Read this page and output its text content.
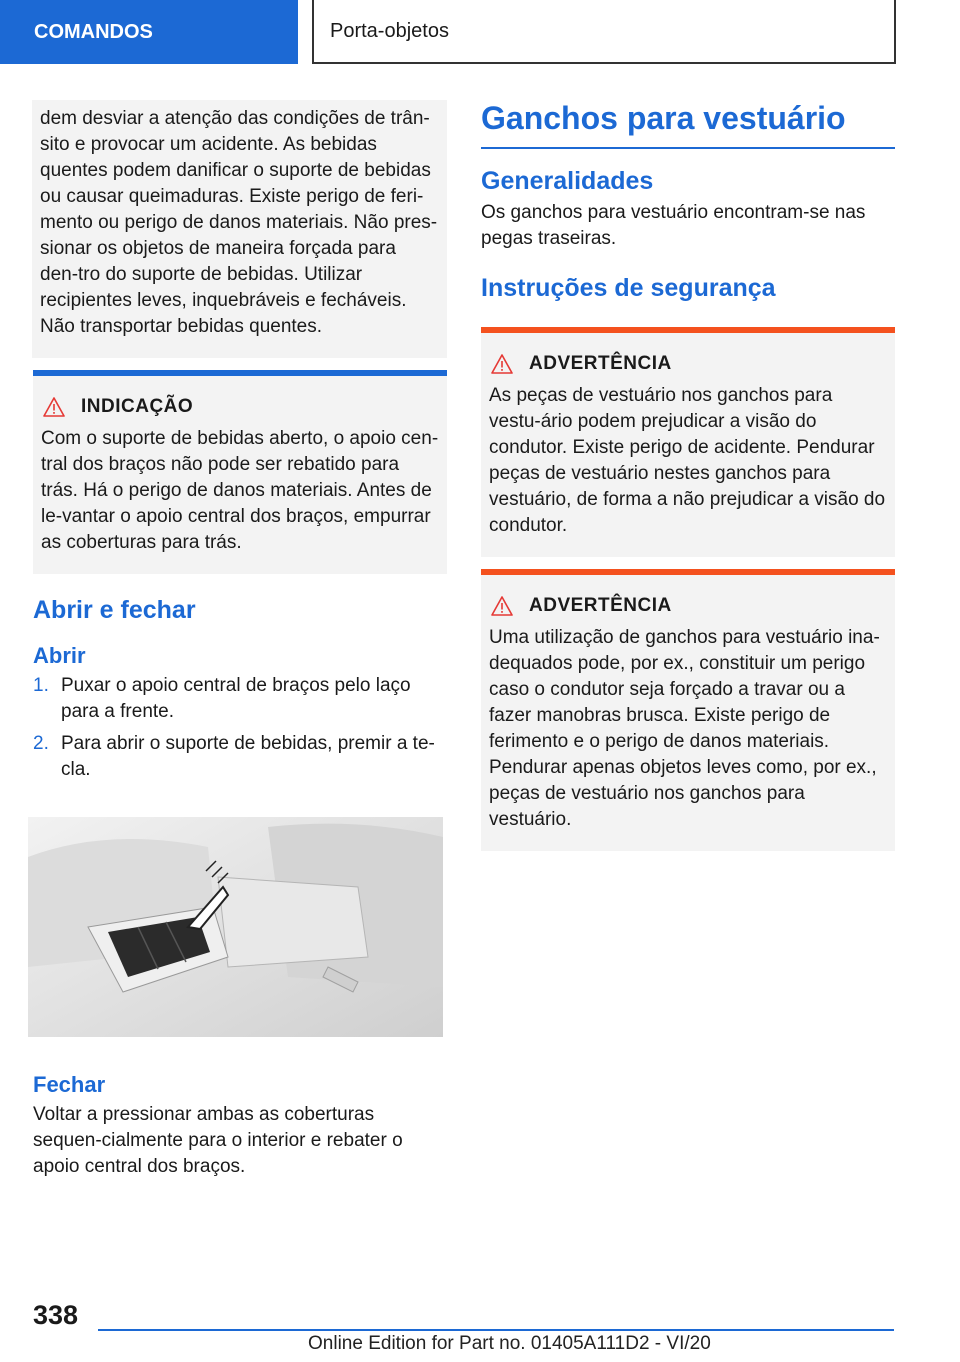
COMANDOS	Porta-objetos

dem desviar a atenção das condições de trân-sito e provocar um acidente. As bebidas quentes podem danificar o suporte de bebidas ou causar queimaduras. Existe perigo de feri-mento ou perigo de danos materiais. Não pres-sionar os objetos de maneira forçada para den-tro do suporte de bebidas. Utilizar recipientes leves, inquebráveis e fecháveis. Não transportar bebidas quentes.

INDICAÇÃO

Com o suporte de bebidas aberto, o apoio cen-tral dos braços não pode ser rebatido para trás. Há o perigo de danos materiais. Antes de le-vantar o apoio central dos braços, empurrar as coberturas para trás.

Abrir e fechar
Abrir
1. Puxar o apoio central de braços pelo laço para a frente.
2. Para abrir o suporte de bebidas, premir a te-cla.
Fechar

Voltar a pressionar ambas as coberturas sequen-cialmente para o interior e rebater o apoio central dos braços.

Ganchos para vestuário
Generalidades

Os ganchos para vestuário encontram-se nas pegas traseiras.

Instruções de segurança
ADVERTÊNCIA

As peças de vestuário nos ganchos para vestu-ário podem prejudicar a visão do condutor. Existe perigo de acidente. Pendurar peças de vestuário nestes ganchos para vestuário, de forma a não prejudicar a visão do condutor.

ADVERTÊNCIA

Uma utilização de ganchos para vestuário ina-dequados pode, por ex., constituir um perigo caso o condutor seja forçado a travar ou a fazer manobras brusca. Existe perigo de ferimento e o perigo de danos materiais. Pendurar apenas objetos leves como, por ex., peças de vestuário nos ganchos para vestuário.

338
Online Edition for Part no. 01405A111D2 - VI/20
